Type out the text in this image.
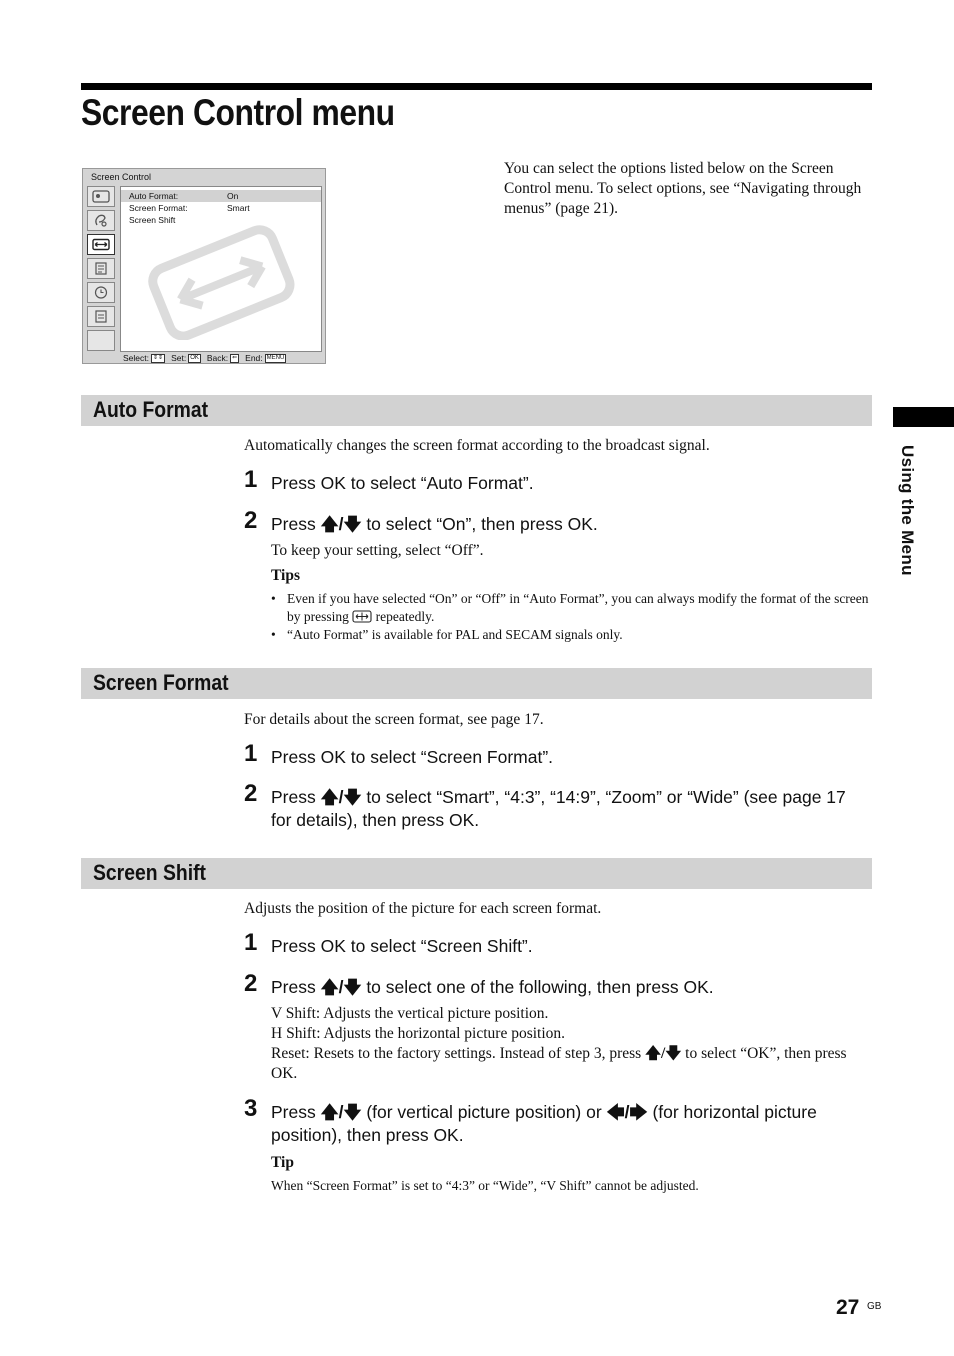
Screen Control menu
Screen Control
Auto Format:	On
Screen Format:	Smart
Screen Shift
Select: ⇕⇕ Set: OK Back: ⇐ End: MENU
You can select the options listed below on the Screen Control menu. To select options, see “Navigating through menus” (page 21).
Auto Format
Automatically changes the screen format according to the broadcast signal.
1 Press OK to select “Auto Format”.
2 Press 🡅/🡇 to select “On”, then press OK.
To keep your setting, select “Off”.
Tips
• Even if you have selected “On” or “Off” in “Auto Format”, you can always modify the format of the screen by pressing  repeatedly.
• “Auto Format” is available for PAL and SECAM signals only.
Screen Format
For details about the screen format, see page 17.
1 Press OK to select “Screen Format”.
2 Press 🡅/🡇 to select “Smart”, “4:3”, “14:9”, “Zoom” or “Wide” (see page 17 for details), then press OK.
Screen Shift
Adjusts the position of the picture for each screen format.
1 Press OK to select “Screen Shift”.
2 Press 🡅/🡇 to select one of the following, then press OK.
V Shift: Adjusts the vertical picture position.
H Shift: Adjusts the horizontal picture position.
Reset: Resets to the factory settings. Instead of step 3, press 🡅/🡇 to select “OK”, then press OK.
3 Press 🡅/🡇 (for vertical picture position) or 🡄/🡆 (for horizontal picture position), then press OK.
Tip
When “Screen Format” is set to “4:3” or “Wide”, “V Shift” cannot be adjusted.
Using the Menu
27 GB
